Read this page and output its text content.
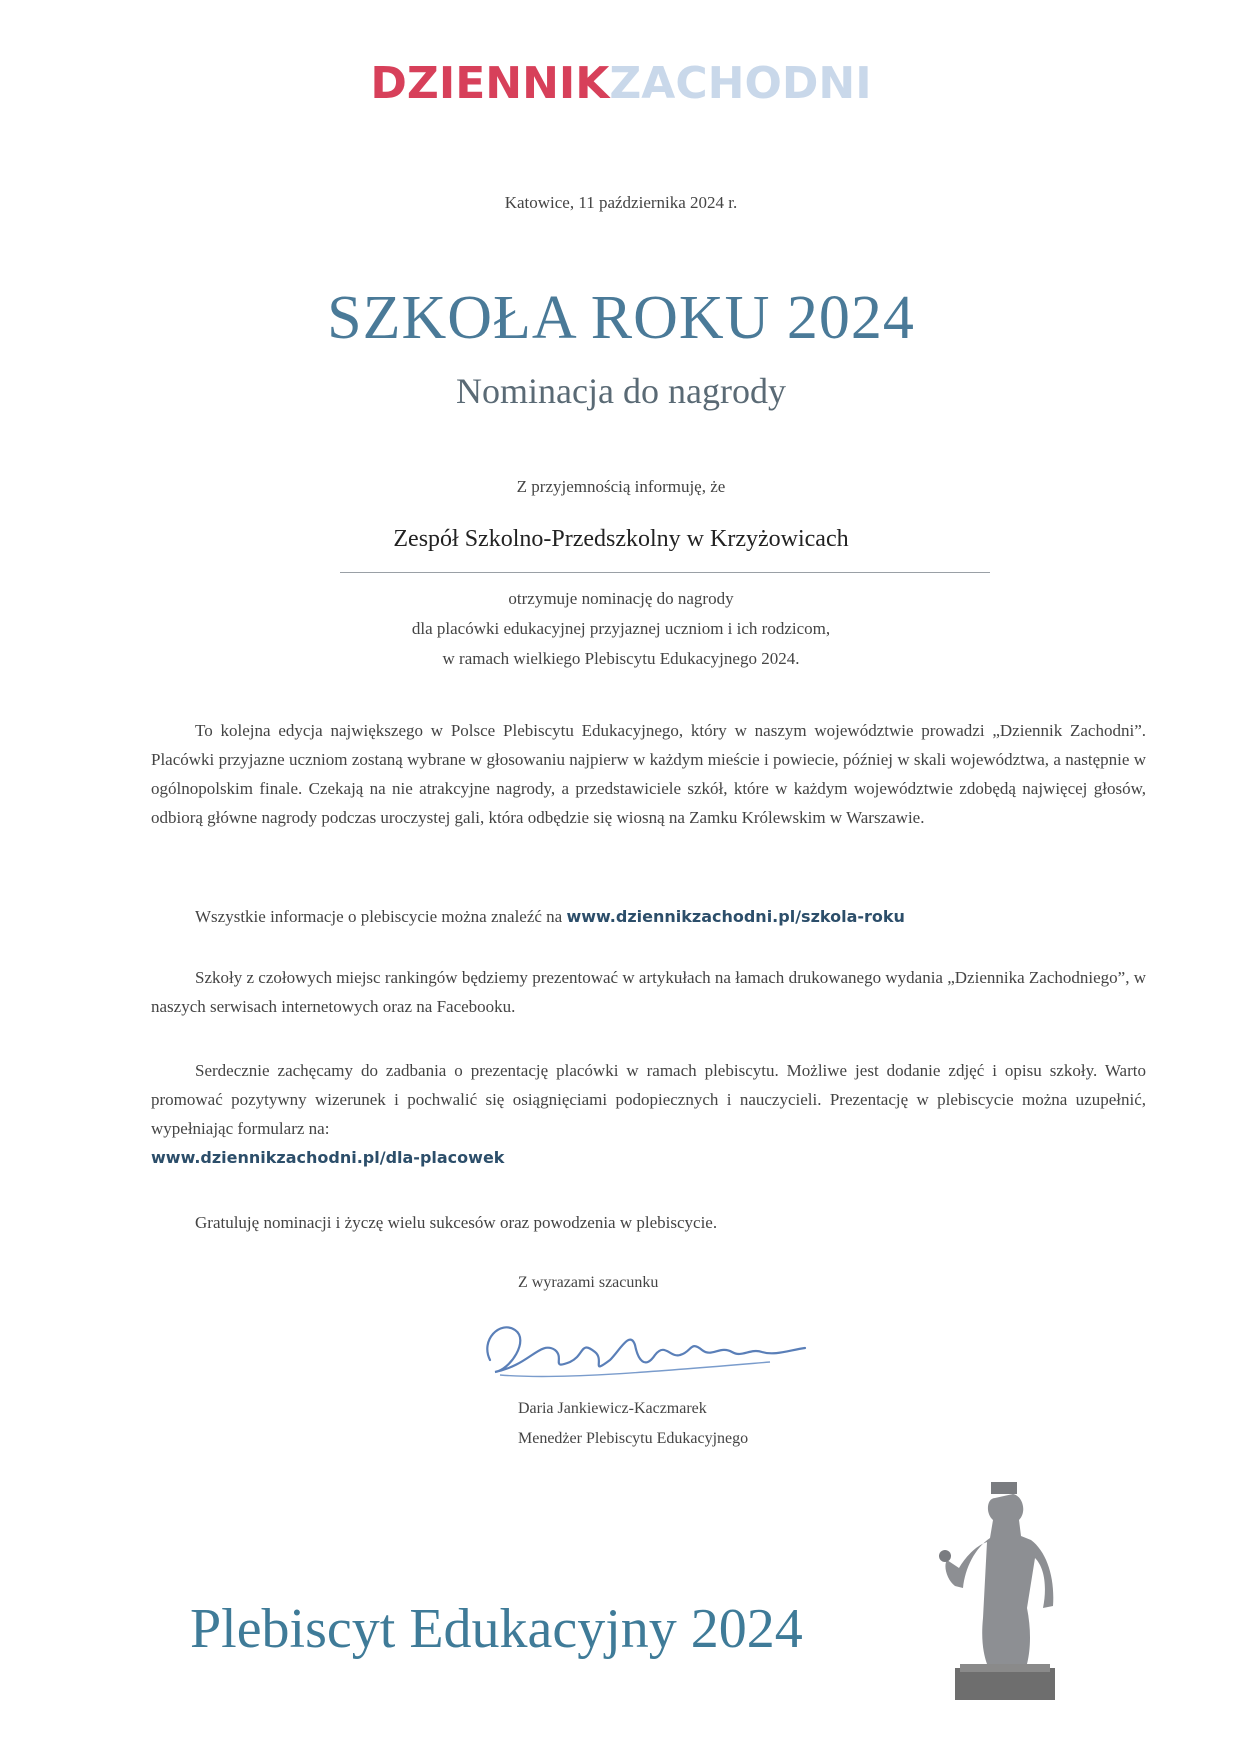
DZIENNIKZACHODNI
Katowice, 11 października 2024 r.
SZKOŁA ROKU 2024
Nominacja do nagrody
Z przyjemnością informuję, że
Zespół Szkolno-Przedszkolny w Krzyżowicach
otrzymuje nominację do nagrody
dla placówki edukacyjnej przyjaznej uczniom i ich rodzicom,
w ramach wielkiego Plebiscytu Edukacyjnego 2024.
To kolejna edycja największego w Polsce Plebiscytu Edukacyjnego, który w naszym województwie prowadzi „Dziennik Zachodni”. Placówki przyjazne uczniom zostaną wybrane w głosowaniu najpierw w każdym mieście i powiecie, później w skali województwa, a następnie w ogólnopolskim finale. Czekają na nie atrakcyjne nagrody, a przedstawiciele szkół, które w każdym województwie zdobędą najwięcej głosów, odbiorą główne nagrody podczas uroczystej gali, która odbędzie się wiosną na Zamku Królewskim w Warszawie.
Wszystkie informacje o plebiscycie można znaleźć na www.dziennikzachodni.pl/szkola-roku
Szkoły z czołowych miejsc rankingów będziemy prezentować w artykułach na łamach drukowanego wydania „Dziennika Zachodniego”, w naszych serwisach internetowych oraz na Facebooku.
Serdecznie zachęcamy do zadbania o prezentację placówki w ramach plebiscytu. Możliwe jest dodanie zdjęć i opisu szkoły. Warto promować pozytywny wizerunek i pochwalić się osiągnięciami podopiecznych i nauczycieli. Prezentację w plebiscycie można uzupełnić, wypełniając formularz na:
www.dziennikzachodni.pl/dla-placowek
Gratuluję nominacji i życzę wielu sukcesów oraz powodzenia w plebiscycie.
Z wyrazami szacunku
Daria Jankiewicz-Kaczmarek
Menedżer Plebiscytu Edukacyjnego
Plebiscyt Edukacyjny 2024
